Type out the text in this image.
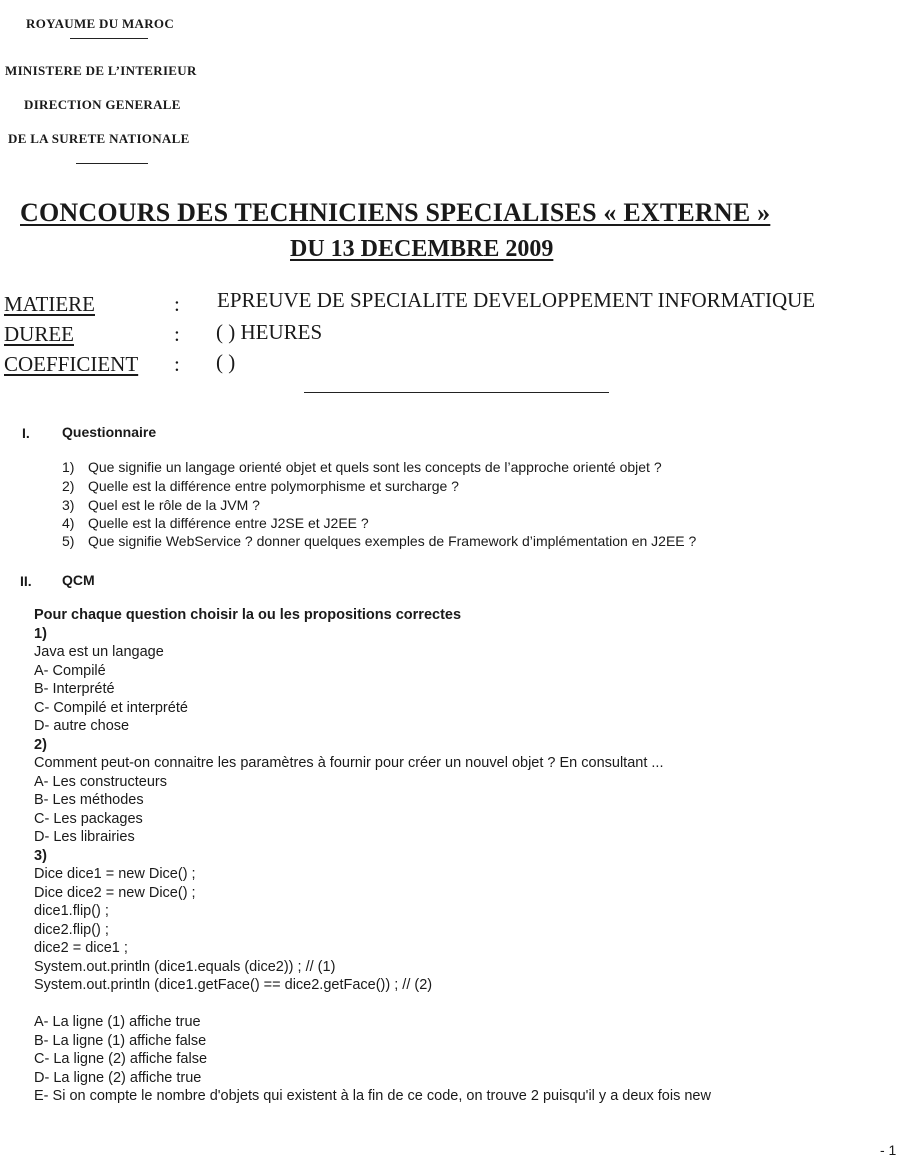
ROYAUME DU MAROC
MINISTERE DE L’INTERIEUR
DIRECTION GENERALE
DE LA SURETE NATIONALE
CONCOURS DES TECHNICIENS SPECIALISES « EXTERNE »
DU 13 DECEMBRE 2009
MATIERE	: EPREUVE DE SPECIALITE DEVELOPPEMENT INFORMATIQUE
DUREE	: ( ) HEURES
COEFFICIENT : ( )
I. Questionnaire
1) Que signifie un langage orienté objet et quels sont les concepts de l’approche orienté objet ?
2) Quelle est la différence entre polymorphisme et surcharge ?
3) Quel est le rôle de la JVM ?
4) Quelle est la différence entre J2SE et J2EE ?
5) Que signifie WebService ? donner quelques exemples de Framework d’implémentation en J2EE ?
II. QCM
Pour chaque question choisir la ou les propositions correctes
1)
Java est un langage
A- Compilé
B- Interprété
C- Compilé et interprété
D- autre chose
2)
Comment peut-on connaitre les paramètres à fournir pour créer un nouvel objet ? En consultant ...
A- Les constructeurs
B- Les méthodes
C- Les packages
D- Les librairies
3)
Dice dice1 = new Dice() ;
Dice dice2 = new Dice() ;
dice1.flip() ;
dice2.flip() ;
dice2 = dice1 ;
System.out.println (dice1.equals (dice2)) ; // (1)
System.out.println (dice1.getFace() == dice2.getFace()) ; // (2)
A- La ligne (1) affiche true
B- La ligne (1) affiche false
C- La ligne (2) affiche false
D- La ligne (2) affiche true
E- Si on compte le nombre d'objets qui existent à la fin de ce code, on trouve 2 puisqu'il y a deux fois new
- 1
